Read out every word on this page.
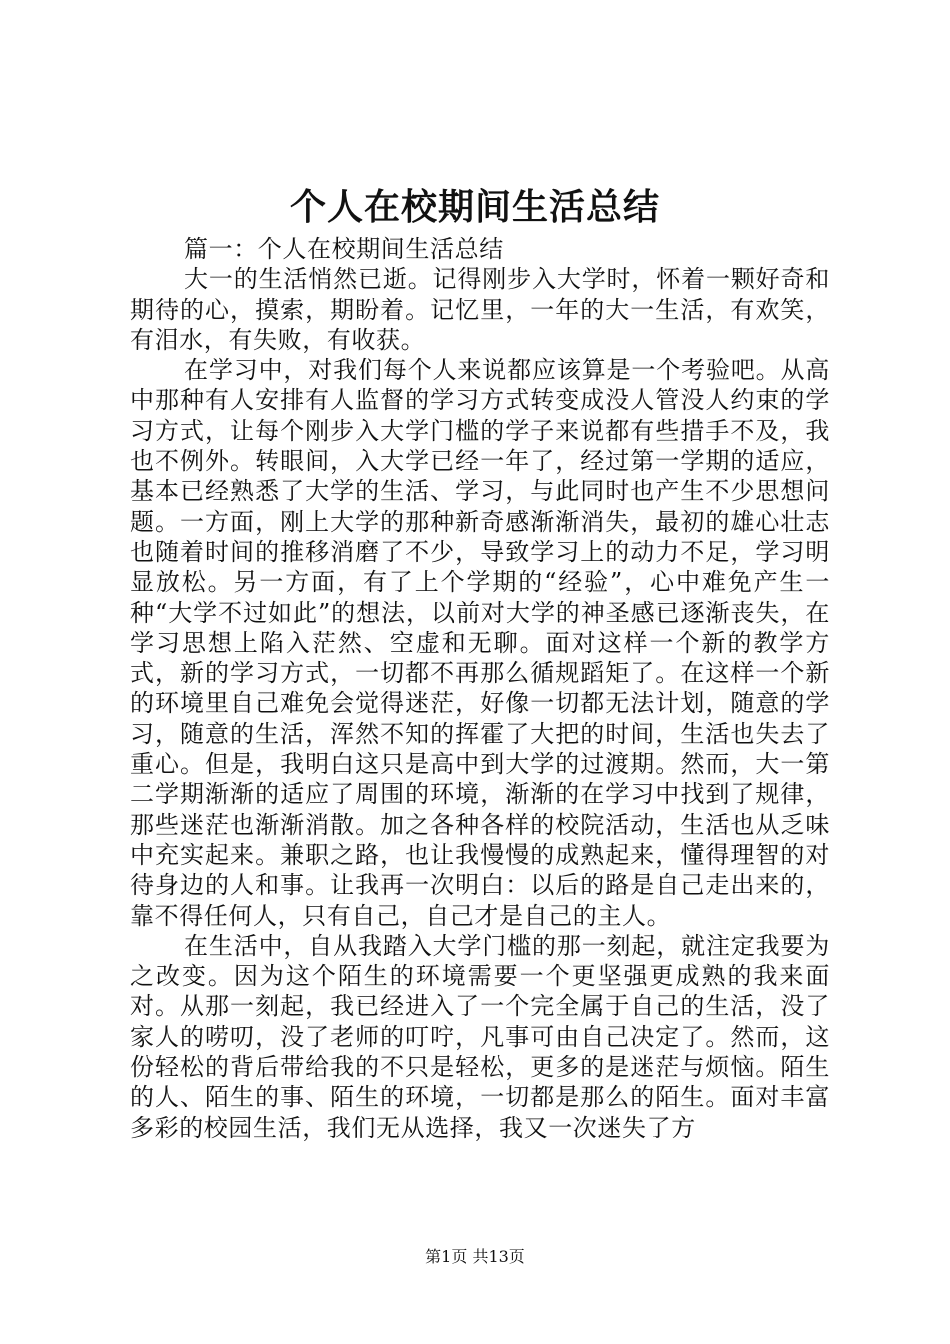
个人在校期间生活总结

篇一：个人在校期间生活总结

大一的生活悄然已逝。记得刚步入大学时，怀着一颗好奇和期待的心，摸索，期盼着。记忆里，一年的大一生活，有欢笑，有泪水，有失败，有收获。

在学习中，对我们每个人来说都应该算是一个考验吧。从高中那种有人安排有人监督的学习方式转变成没人管没人约束的学习方式，让每个刚步入大学门槛的学子来说都有些措手不及，我也不例外。转眼间，入大学已经一年了，经过第一学期的适应，基本已经熟悉了大学的生活、学习，与此同时也产生不少思想问题。一方面，刚上大学的那种新奇感渐渐消失，最初的雄心壮志也随着时间的推移消磨了不少，导致学习上的动力不足，学习明显放松。另一方面，有了上个学期的“经验”，心中难免产生一种“大学不过如此”的想法，以前对大学的神圣感已逐渐丧失，在学习思想上陷入茫然、空虚和无聊。面对这样一个新的教学方式，新的学习方式，一切都不再那么循规蹈矩了。在这样一个新的环境里自己难免会觉得迷茫，好像一切都无法计划，随意的学习，随意的生活，浑然不知的挥霍了大把的时间，生活也失去了重心。但是，我明白这只是高中到大学的过渡期。然而，大一第二学期渐渐的适应了周围的环境，渐渐的在学习中找到了规律，那些迷茫也渐渐消散。加之各种各样的校院活动，生活也从乏味中充实起来。兼职之路，也让我慢慢的成熟起来，懂得理智的对待身边的人和事。让我再一次明白：以后的路是自己走出来的，靠不得任何人，只有自己，自己才是自己的主人。

在生活中，自从我踏入大学门槛的那一刻起，就注定我要为之改变。因为这个陌生的环境需要一个更坚强更成熟的我来面对。从那一刻起，我已经进入了一个完全属于自己的生活，没了家人的唠叨，没了老师的叮咛，凡事可由自己决定了。然而，这份轻松的背后带给我的不只是轻松，更多的是迷茫与烦恼。陌生的人、陌生的事、陌生的环境，一切都是那么的陌生。面对丰富多彩的校园生活，我们无从选择，我又一次迷失了方

第1页 共13页
